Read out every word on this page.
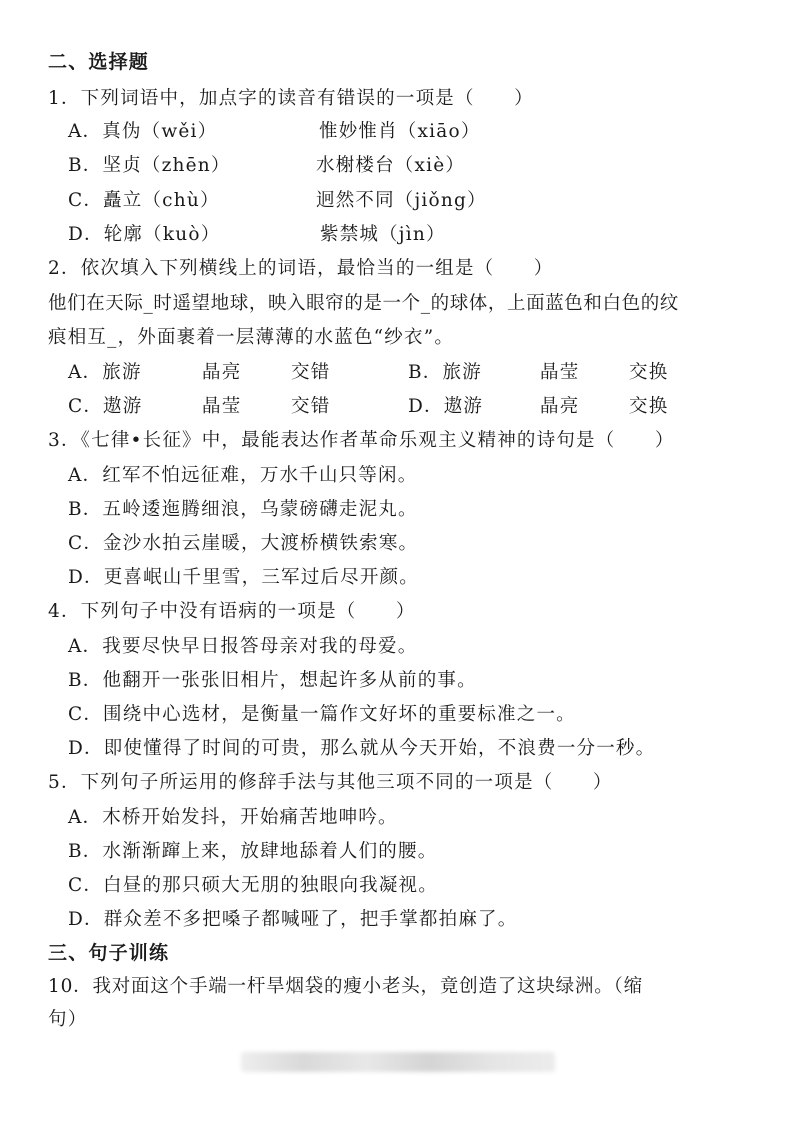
二、选择题
1．下列词语中，加点字的读音有错误的一项是（　　）
A．真伪（wěi）	惟妙惟肖（xiāo）
B．坚贞（zhēn）	水榭楼台（xiè）
C．矗立（chù）	迥然不同（jiǒng）
D．轮廓（kuò）	紫禁城（jìn）
2．依次填入下列横线上的词语，最恰当的一组是（　　）
他们在天际_时遥望地球，映入眼帘的是一个_的球体，上面蓝色和白色的纹
痕相互_，外面裹着一层薄薄的水蓝色“纱衣”。
A．旅游	晶亮	交错	B．旅游	晶莹	交换
C．遨游	晶莹	交错	D．遨游	晶亮	交换
3．《七律•长征》中，最能表达作者革命乐观主义精神的诗句是（　　）
A．红军不怕远征难，万水千山只等闲。
B．五岭逶迤腾细浪，乌蒙磅礴走泥丸。
C．金沙水拍云崖暖，大渡桥横铁索寒。
D．更喜岷山千里雪，三军过后尽开颜。
4．下列句子中没有语病的一项是（　　）
A．我要尽快早日报答母亲对我的母爱。
B．他翻开一张张旧相片，想起许多从前的事。
C．围绕中心选材，是衡量一篇作文好坏的重要标准之一。
D．即使懂得了时间的可贵，那么就从今天开始，不浪费一分一秒。
5．下列句子所运用的修辞手法与其他三项不同的一项是（　　）
A．木桥开始发抖，开始痛苦地呻吟。
B．水渐渐蹿上来，放肆地舔着人们的腰。
C．白昼的那只硕大无朋的独眼向我凝视。
D．群众差不多把嗓子都喊哑了，把手掌都拍麻了。
三、句子训练
10．我对面这个手端一杆旱烟袋的瘦小老头，竟创造了这块绿洲。（缩
句）
